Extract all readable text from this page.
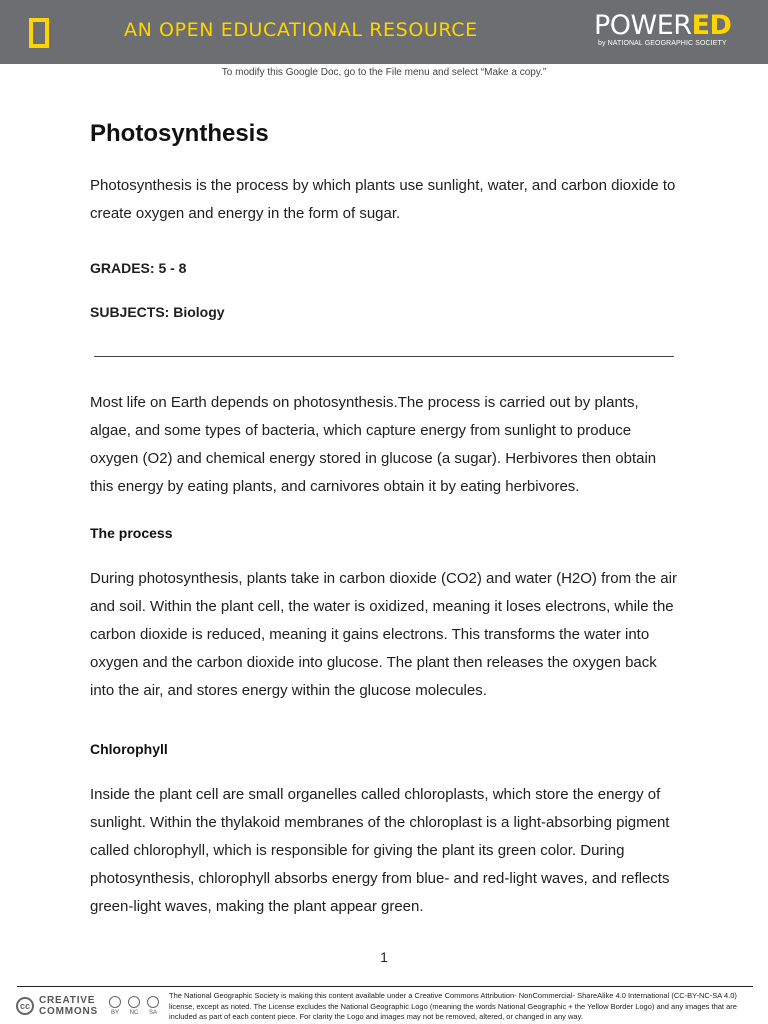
AN OPEN EDUCATIONAL RESOURCE	POWERED
by NATIONAL GEOGRAPHIC SOCIETY
To modify this Google Doc, go to the File menu and select “Make a copy.”
Photosynthesis

Photosynthesis is the process by which plants use sunlight, water, and carbon dioxide to create oxygen and energy in the form of sugar.

GRADES: 5 - 8

SUBJECTS: Biology

Most life on Earth depends on photosynthesis.The process is carried out by plants, algae, and some types of bacteria, which capture energy from sunlight to produce oxygen (O2) and chemical energy stored in glucose (a sugar). Herbivores then obtain this energy by eating plants, and carnivores obtain it by eating herbivores.

The process

During photosynthesis, plants take in carbon dioxide (CO2) and water (H2O) from the air and soil. Within the plant cell, the water is oxidized, meaning it loses electrons, while the carbon dioxide is reduced, meaning it gains electrons. This transforms the water into oxygen and the carbon dioxide into glucose. The plant then releases the oxygen back into the air, and stores energy within the glucose molecules.

Chlorophyll

Inside the plant cell are small organelles called chloroplasts, which store the energy of sunlight. Within the thylakoid membranes of the chloroplast is a light-absorbing pigment called chlorophyll, which is responsible for giving the plant its green color. During photosynthesis, chlorophyll absorbs energy from blue- and red-light waves, and reflects green-light waves, making the plant appear green.

1
cc CREATIVE
COMMONS	BY	NC	SA
The National Geographic Society is making this content available under a Creative Commons Attribution- NonCommercial- ShareAlike 4.0 International (CC-BY-NC-SA 4.0) license, except as noted. The License excludes the National Geographic Logo (meaning the words National Geographic + the Yellow Border Logo) and any images that are included as part of each content piece. For clarity the Logo and images may not be removed, altered, or changed in any way.
